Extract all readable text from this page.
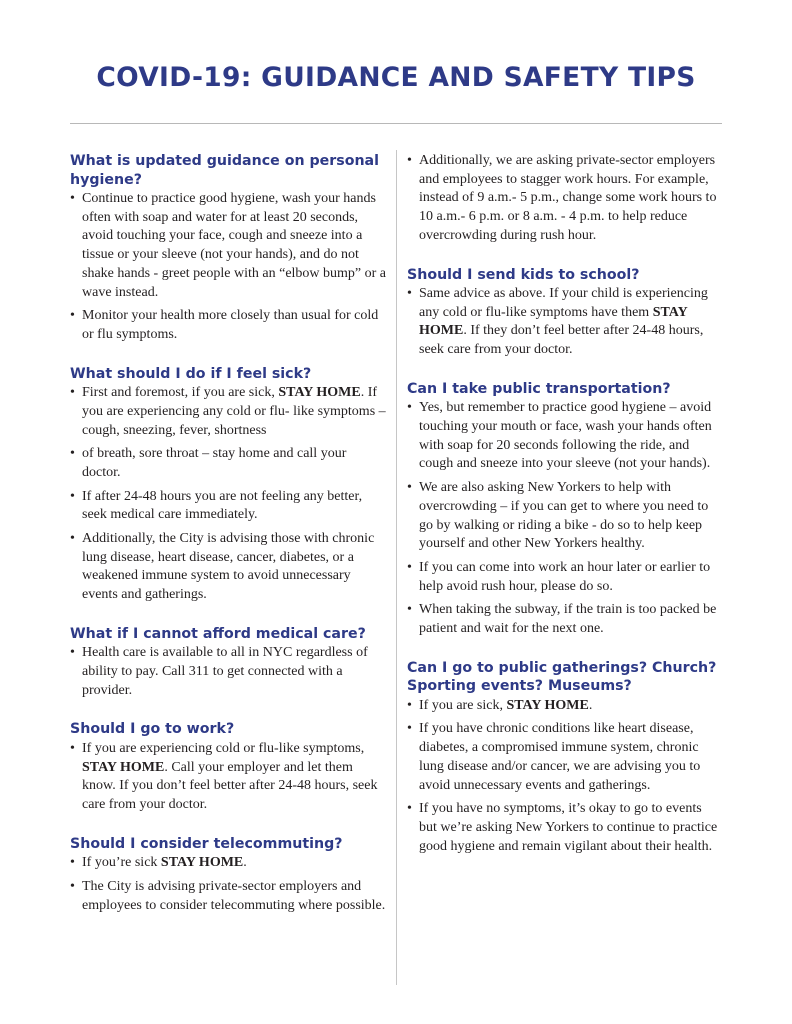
COVID-19: GUIDANCE AND SAFETY TIPS
What is updated guidance on personal hygiene?
• Continue to practice good hygiene, wash your hands often with soap and water for at least 20 seconds, avoid touching your face, cough and sneeze into a tissue or your sleeve (not your hands), and do not shake hands - greet people with an “elbow bump” or a wave instead.
• Monitor your health more closely than usual for cold or flu symptoms.
What should I do if I feel sick?
• First and foremost, if you are sick, STAY HOME. If you are experiencing any cold or flu- like symptoms – cough, sneezing, fever, shortness
• of breath, sore throat – stay home and call your doctor.
• If after 24-48 hours you are not feeling any better, seek medical care immediately.
• Additionally, the City is advising those with chronic lung disease, heart disease, cancer, diabetes, or a weakened immune system to avoid unnecessary events and gatherings.
What if I cannot afford medical care?
• Health care is available to all in NYC regardless of ability to pay. Call 311 to get connected with a provider.
Should I go to work?
• If you are experiencing cold or flu-like symptoms, STAY HOME. Call your employer and let them know. If you don’t feel better after 24-48 hours, seek care from your doctor.
Should I consider telecommuting?
• If you’re sick STAY HOME.
• The City is advising private-sector employers and employees to consider telecommuting where possible.
• Additionally, we are asking private-sector employers and employees to stagger work hours. For example, instead of 9 a.m.- 5 p.m., change some work hours to 10 a.m.- 6 p.m. or 8 a.m. - 4 p.m. to help reduce overcrowding during rush hour.
Should I send kids to school?
• Same advice as above. If your child is experiencing any cold or flu-like symptoms have them STAY HOME. If they don’t feel better after 24-48 hours, seek care from your doctor.
Can I take public transportation?
• Yes, but remember to practice good hygiene – avoid touching your mouth or face, wash your hands often with soap for 20 seconds following the ride, and cough and sneeze into your sleeve (not your hands).
• We are also asking New Yorkers to help with overcrowding – if you can get to where you need to go by walking or riding a bike - do so to help keep yourself and other New Yorkers healthy.
• If you can come into work an hour later or earlier to help avoid rush hour, please do so.
• When taking the subway, if the train is too packed be patient and wait for the next one.
Can I go to public gatherings? Church? Sporting events? Museums?
• If you are sick, STAY HOME.
• If you have chronic conditions like heart disease, diabetes, a compromised immune system, chronic lung disease and/or cancer, we are advising you to avoid unnecessary events and gatherings.
• If you have no symptoms, it’s okay to go to events but we’re asking New Yorkers to continue to practice good hygiene and remain vigilant about their health.
